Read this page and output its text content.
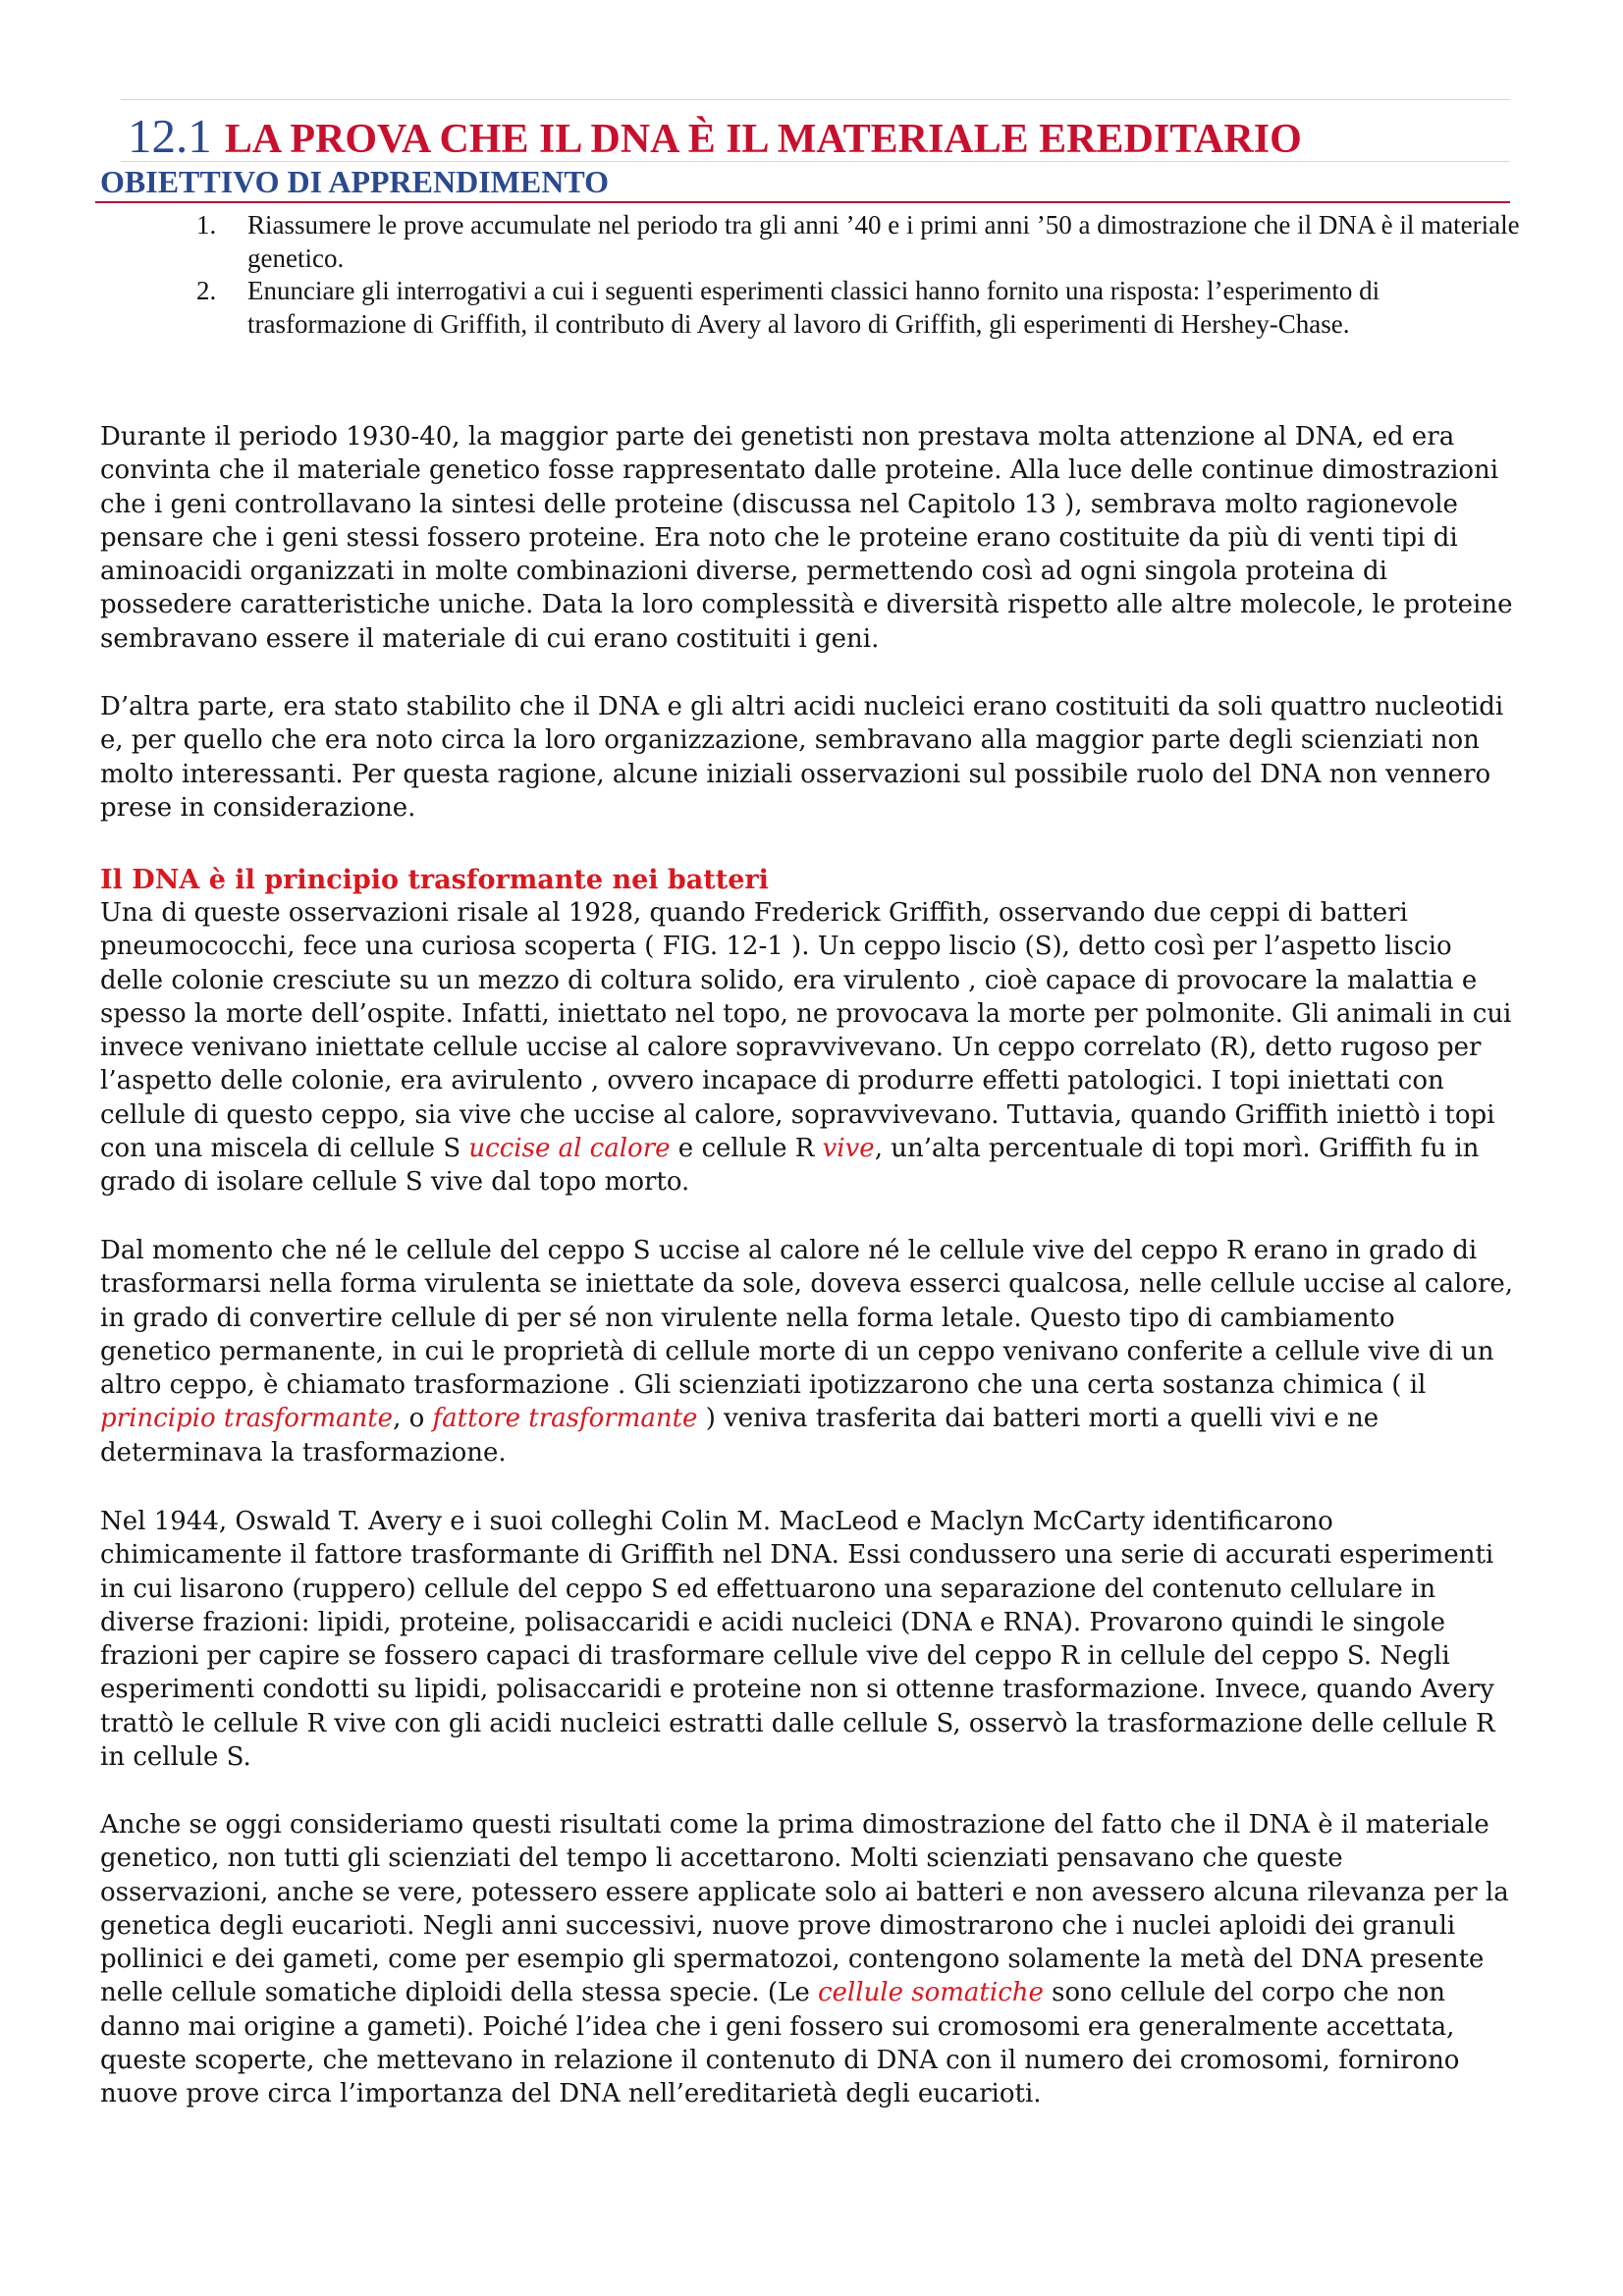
12.1 LA PROVA CHE IL DNA È IL MATERIALE EREDITARIO
OBIETTIVO DI APPRENDIMENTO
1. Riassumere le prove accumulate nel periodo tra gli anni ’40 e i primi anni ’50 a dimostrazione che il DNA è il materiale genetico.
2. Enunciare gli interrogativi a cui i seguenti esperimenti classici hanno fornito una risposta: l’esperimento di trasformazione di Griffith, il contributo di Avery al lavoro di Griffith, gli esperimenti di Hershey-Chase.

Durante il periodo 1930-40, la maggior parte dei genetisti non prestava molta attenzione al DNA, ed era convinta che il materiale genetico fosse rappresentato dalle proteine. Alla luce delle continue dimostrazioni che i geni controllavano la sintesi delle proteine (discussa nel Capitolo 13 ), sembrava molto ragionevole pensare che i geni stessi fossero proteine. Era noto che le proteine erano costituite da più di venti tipi di aminoacidi organizzati in molte combinazioni diverse, permettendo così ad ogni singola proteina di possedere caratteristiche uniche. Data la loro complessità e diversità rispetto alle altre molecole, le proteine sembravano essere il materiale di cui erano costituiti i geni.

D’altra parte, era stato stabilito che il DNA e gli altri acidi nucleici erano costituiti da soli quattro nucleotidi e, per quello che era noto circa la loro organizzazione, sembravano alla maggior parte degli scienziati non molto interessanti. Per questa ragione, alcune iniziali osservazioni sul possibile ruolo del DNA non vennero prese in considerazione.

Il DNA è il principio trasformante nei batteri

Una di queste osservazioni risale al 1928, quando Frederick Griffith, osservando due ceppi di batteri pneumococchi, fece una curiosa scoperta ( FIG. 12-1 ). Un ceppo liscio (S), detto così per l’aspetto liscio delle colonie cresciute su un mezzo di coltura solido, era virulento , cioè capace di provocare la malattia e spesso la morte dell’ospite. Infatti, iniettato nel topo, ne provocava la morte per polmonite. Gli animali in cui invece venivano iniettate cellule uccise al calore sopravvivevano. Un ceppo correlato (R), detto rugoso per l’aspetto delle colonie, era avirulento , ovvero incapace di produrre effetti patologici. I topi iniettati con cellule di questo ceppo, sia vive che uccise al calore, sopravvivevano. Tuttavia, quando Griffith iniettò i topi con una miscela di cellule S uccise al calore e cellule R vive, un’alta percentuale di topi morì. Griffith fu in grado di isolare cellule S vive dal topo morto.

Dal momento che né le cellule del ceppo S uccise al calore né le cellule vive del ceppo R erano in grado di trasformarsi nella forma virulenta se iniettate da sole, doveva esserci qualcosa, nelle cellule uccise al calore, in grado di convertire cellule di per sé non virulente nella forma letale. Questo tipo di cambiamento genetico permanente, in cui le proprietà di cellule morte di un ceppo venivano conferite a cellule vive di un altro ceppo, è chiamato trasformazione . Gli scienziati ipotizzarono che una certa sostanza chimica ( il principio trasformante, o fattore trasformante ) veniva trasferita dai batteri morti a quelli vivi e ne determinava la trasformazione.

Nel 1944, Oswald T. Avery e i suoi colleghi Colin M. MacLeod e Maclyn McCarty identificarono chimicamente il fattore trasformante di Griffith nel DNA. Essi condussero una serie di accurati esperimenti in cui lisarono (ruppero) cellule del ceppo S ed effettuarono una separazione del contenuto cellulare in diverse frazioni: lipidi, proteine, polisaccaridi e acidi nucleici (DNA e RNA). Provarono quindi le singole frazioni per capire se fossero capaci di trasformare cellule vive del ceppo R in cellule del ceppo S. Negli esperimenti condotti su lipidi, polisaccaridi e proteine non si ottenne trasformazione. Invece, quando Avery trattò le cellule R vive con gli acidi nucleici estratti dalle cellule S, osservò la trasformazione delle cellule R in cellule S.

Anche se oggi consideriamo questi risultati come la prima dimostrazione del fatto che il DNA è il materiale genetico, non tutti gli scienziati del tempo li accettarono. Molti scienziati pensavano che queste osservazioni, anche se vere, potessero essere applicate solo ai batteri e non avessero alcuna rilevanza per la genetica degli eucarioti. Negli anni successivi, nuove prove dimostrarono che i nuclei aploidi dei granuli pollinici e dei gameti, come per esempio gli spermatozoi, contengono solamente la metà del DNA presente nelle cellule somatiche diploidi della stessa specie. (Le cellule somatiche sono cellule del corpo che non danno mai origine a gameti). Poiché l’idea che i geni fossero sui cromosomi era generalmente accettata, queste scoperte, che mettevano in relazione il contenuto di DNA con il numero dei cromosomi, fornirono nuove prove circa l’importanza del DNA nell’ereditarietà degli eucarioti.
